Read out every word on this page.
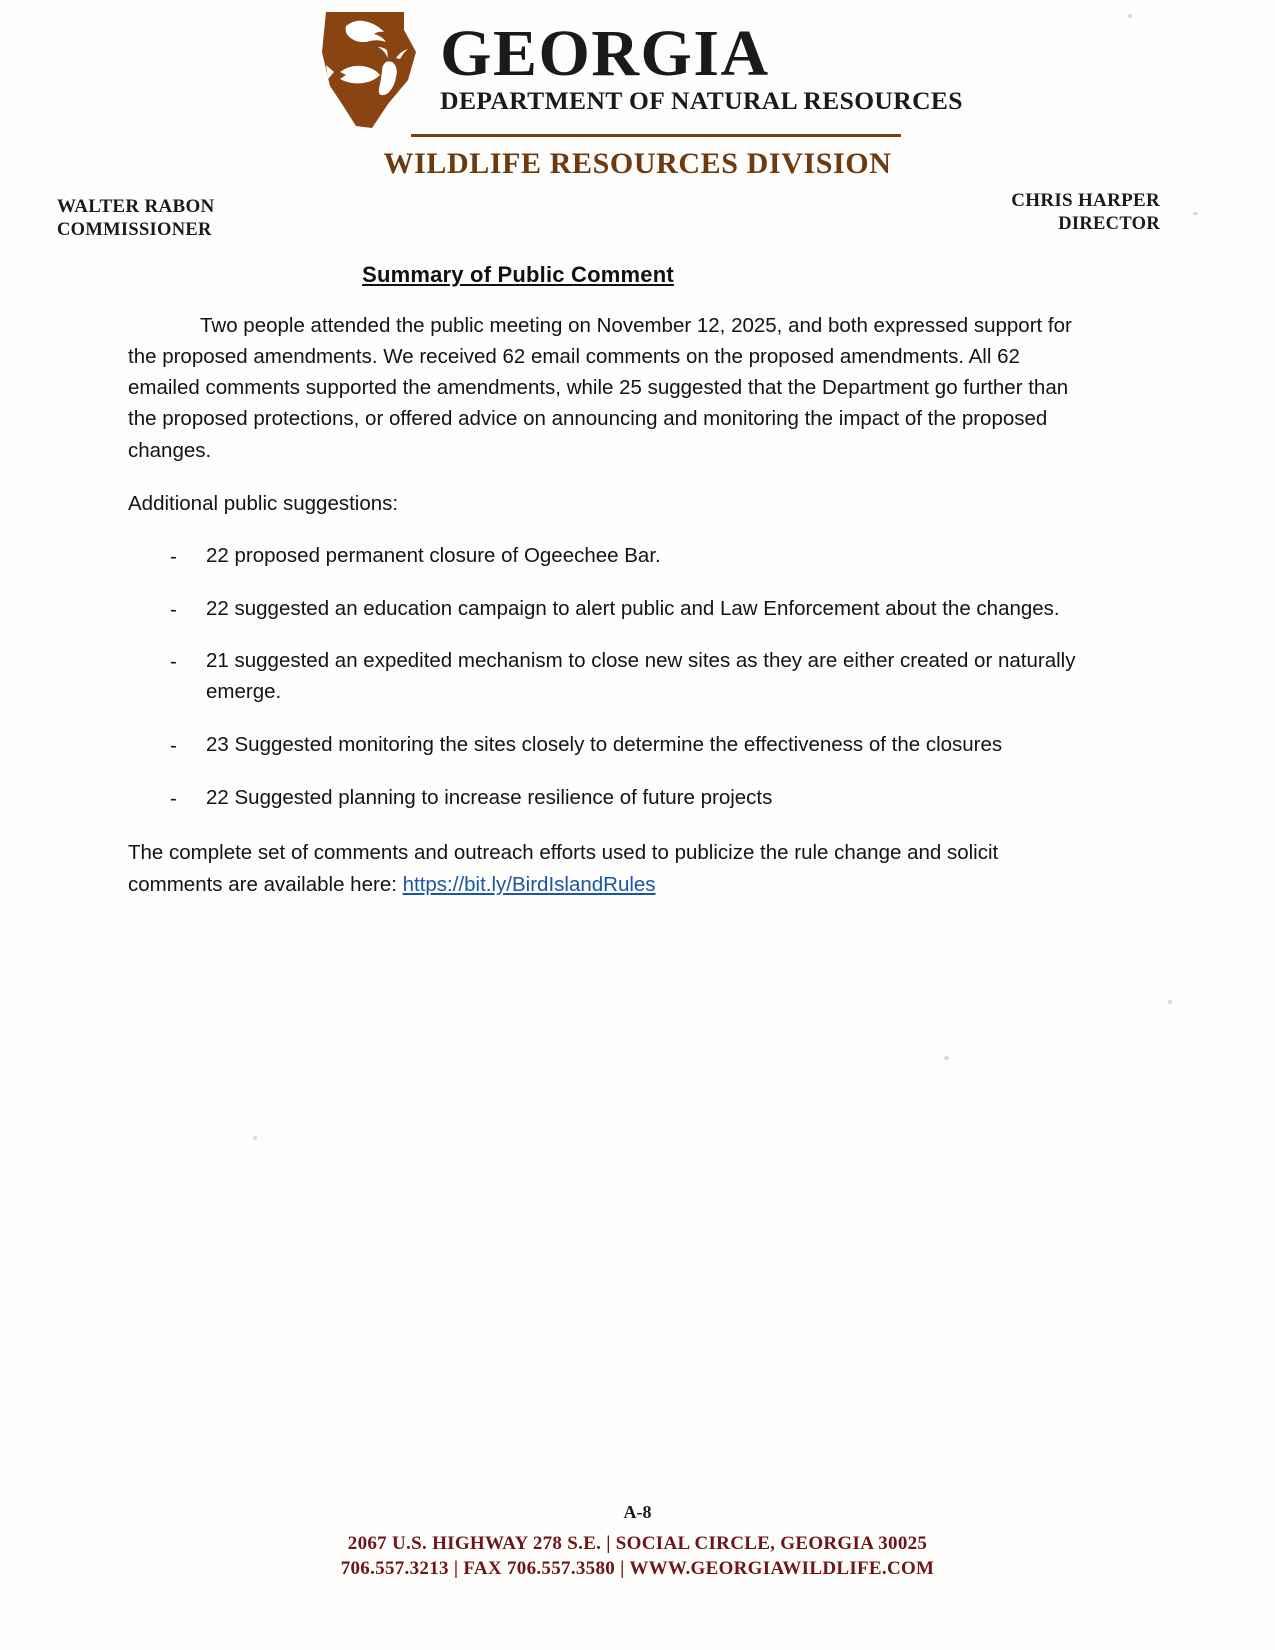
GEORGIA
DEPARTMENT OF NATURAL RESOURCES
WILDLIFE RESOURCES DIVISION
WALTER RABON
COMMISSIONER
CHRIS HARPER
DIRECTOR
Summary of Public Comment

Two people attended the public meeting on November 12, 2025, and both expressed support for the proposed amendments. We received 62 email comments on the proposed amendments. All 62 emailed comments supported the amendments, while 25 suggested that the Department go further than the proposed protections, or offered advice on announcing and monitoring the impact of the proposed changes.

Additional public suggestions:

- 22 proposed permanent closure of Ogeechee Bar.
- 22 suggested an education campaign to alert public and Law Enforcement about the changes.
- 21 suggested an expedited mechanism to close new sites as they are either created or naturally emerge.
- 23 Suggested monitoring the sites closely to determine the effectiveness of the closures
- 22 Suggested planning to increase resilience of future projects

The complete set of comments and outreach efforts used to publicize the rule change and solicit comments are available here: https://bit.ly/BirdIslandRules

A-8
2067 U.S. HIGHWAY 278 S.E. | SOCIAL CIRCLE, GEORGIA 30025
706.557.3213 | FAX 706.557.3580 | WWW.GEORGIAWILDLIFE.COM
